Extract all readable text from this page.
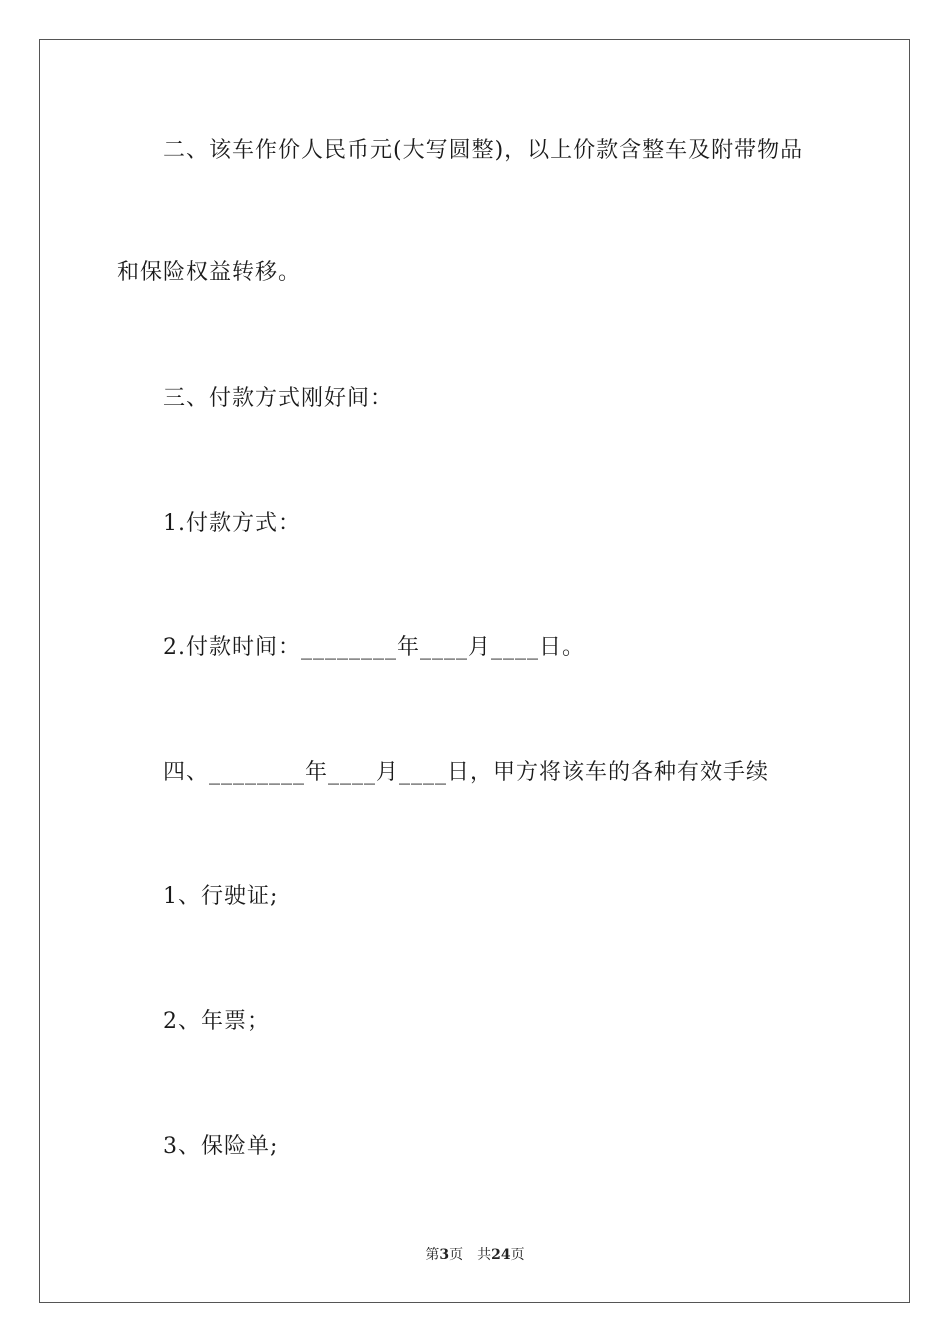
二、该车作价人民币元(大写圆整)，以上价款含整车及附带物品
和保险权益转移。
三、付款方式刚好间：
1.付款方式：
2.付款时间：________年____月____日。
四、________年____月____日，甲方将该车的各种有效手续
1、行驶证;
2、年票；
3、保险单;
第3页 共24页
